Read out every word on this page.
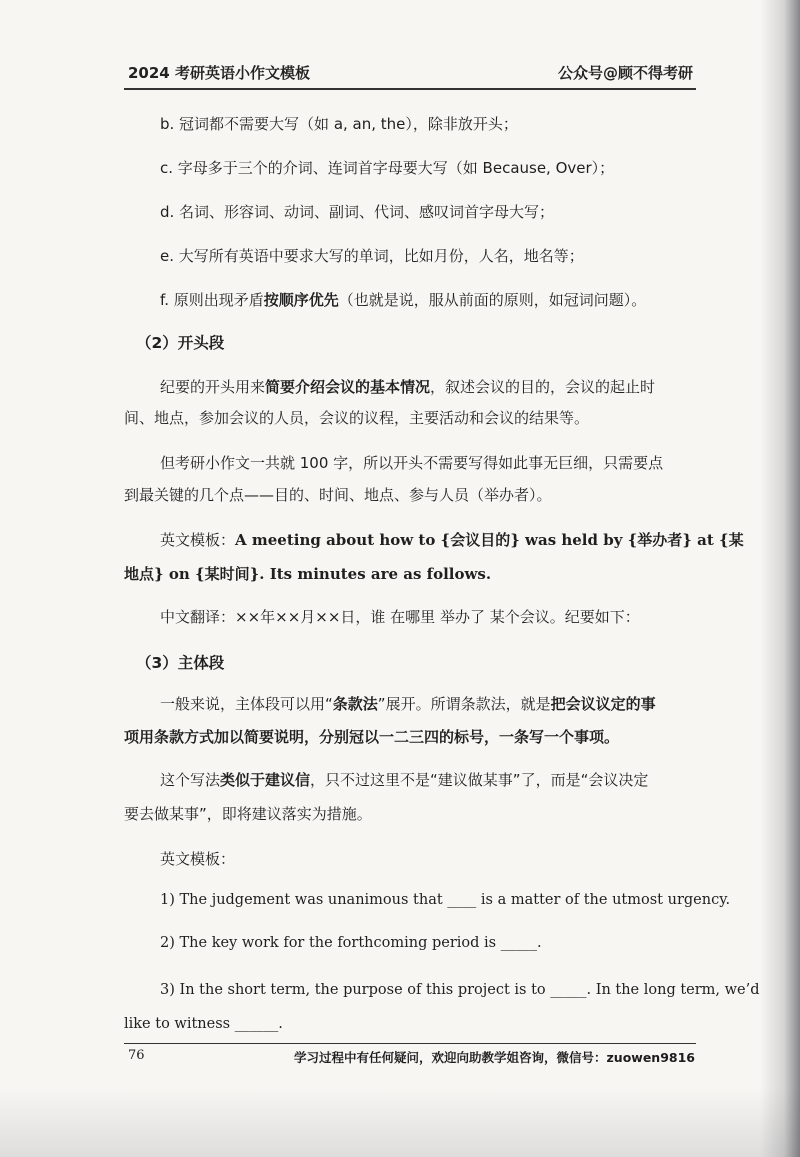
2024 考研英语小作文模板	公众号@顾不得考研
b. 冠词都不需要大写（如 a, an, the），除非放开头；
c. 字母多于三个的介词、连词首字母要大写（如 Because, Over）；
d. 名词、形容词、动词、副词、代词、感叹词首字母大写；
e. 大写所有英语中要求大写的单词，比如月份，人名，地名等；
f. 原则出现矛盾按顺序优先（也就是说，服从前面的原则，如冠词问题）。
（2）开头段
纪要的开头用来简要介绍会议的基本情况，叙述会议的目的，会议的起止时
间、地点，参加会议的人员，会议的议程，主要活动和会议的结果等。
但考研小作文一共就 100 字，所以开头不需要写得如此事无巨细，只需要点
到最关键的几个点——目的、时间、地点、参与人员（举办者）。
英文模板：A meeting about how to {会议目的} was held by {举办者} at {某
地点} on {某时间}. Its minutes are as follows.
中文翻译：××年××月××日，谁 在哪里 举办了 某个会议。纪要如下：
（3）主体段
一般来说，主体段可以用“条款法”展开。所谓条款法，就是把会议议定的事
项用条款方式加以简要说明，分别冠以一二三四的标号，一条写一个事项。
这个写法类似于建议信，只不过这里不是“建议做某事”了，而是“会议决定
要去做某事”，即将建议落实为措施。
英文模板：
1) The judgement was unanimous that ____ is a matter of the utmost urgency.
2) The key work for the forthcoming period is _____.
3) In the short term, the purpose of this project is to _____. In the long term, we’d
like to witness ______.
76	学习过程中有任何疑问，欢迎向助教学姐咨询，微信号：zuowen9816
